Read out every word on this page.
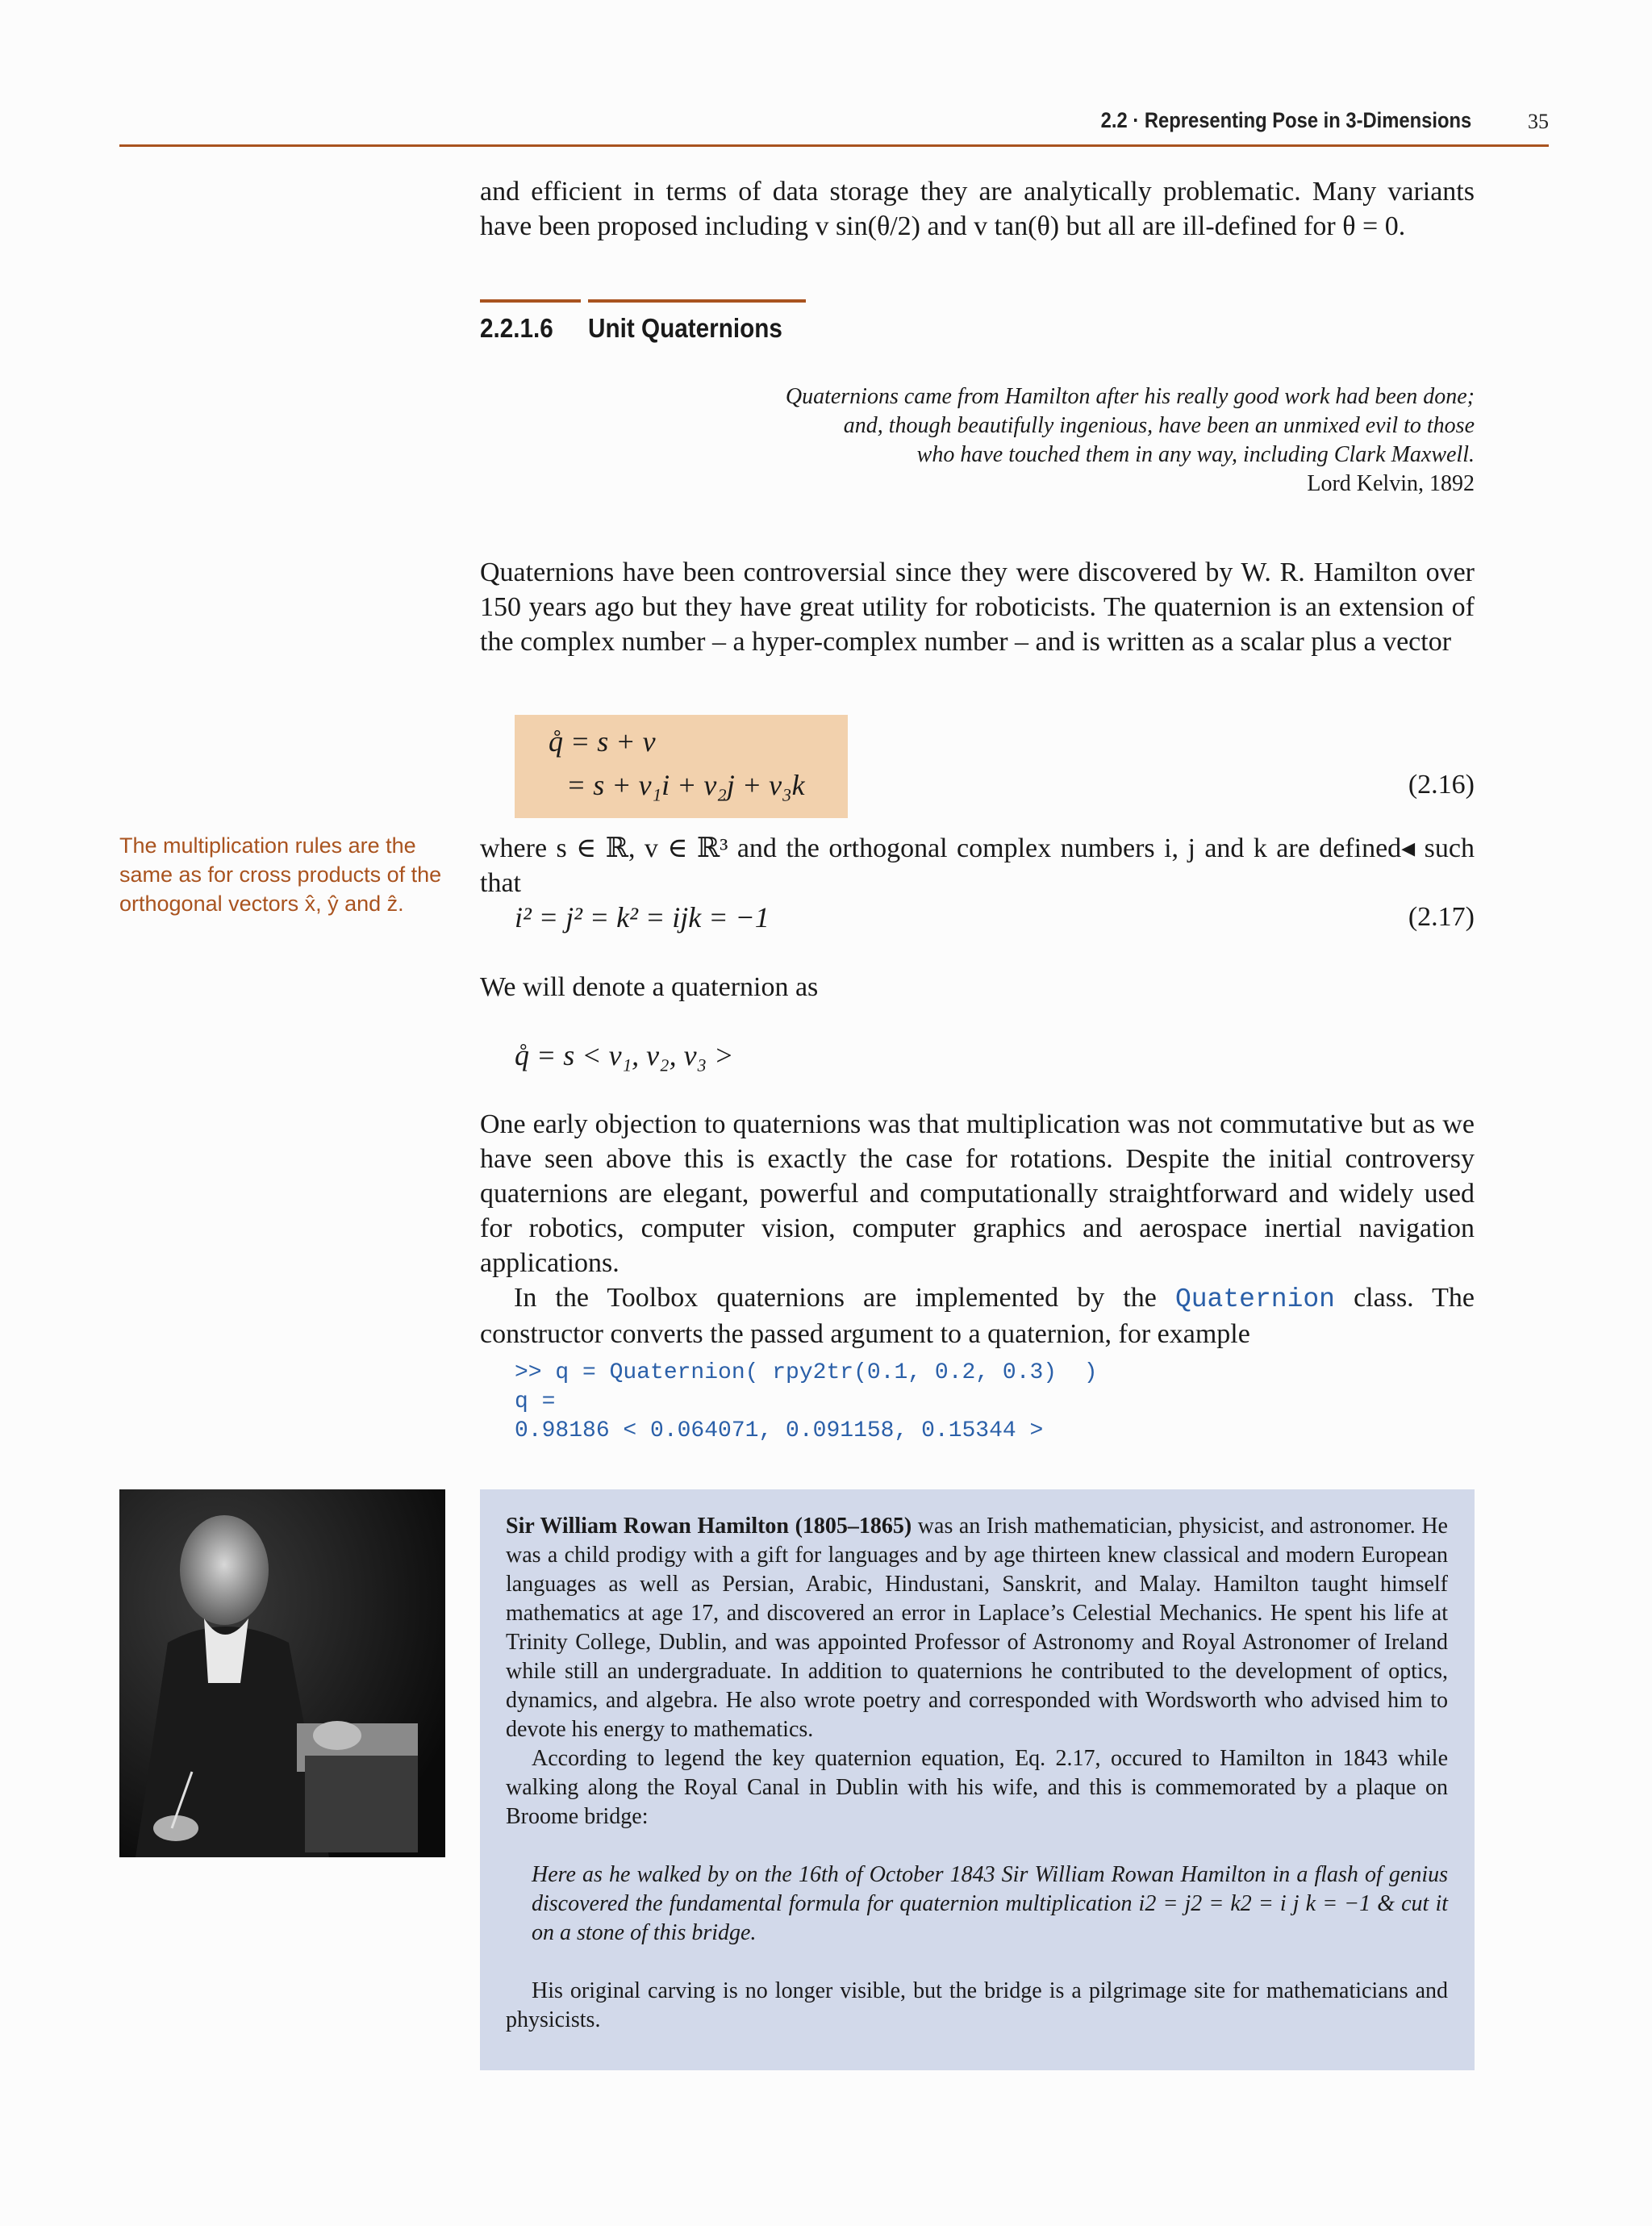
2.2 · Representing Pose in 3-Dimensions	35

and efficient in terms of data storage they are analytically problematic. Many variants have been proposed including v sin(θ/2) and v tan(θ) but all are ill-defined for θ = 0.

2.2.1.6 Unit Quaternions
Quaternions came from Hamilton after his really good work had been done;
and, though beautifully ingenious, have been an unmixed evil to those
who have touched them in any way, including Clark Maxwell.
Lord Kelvin, 1892

Quaternions have been controversial since they were discovered by W. R. Hamilton over 150 years ago but they have great utility for roboticists. The quaternion is an extension of the complex number – a hyper-complex number – and is written as a scalar plus a vector

q̊ = s + v
= s + v₁i + v₂j + v₃k	(2.16)
The multiplication rules are the same as for cross products of the orthogonal vectors x̂, ŷ and ẑ.

where s ∈ ℝ, v ∈ ℝ³ and the orthogonal complex numbers i, j and k are defined◂ such that

i² = j² = k² = ijk = −1	(2.17)

We will denote a quaternion as

q̊ = s < v₁, v₂, v₃ >

One early objection to quaternions was that multiplication was not commutative but as we have seen above this is exactly the case for rotations. Despite the initial controversy quaternions are elegant, powerful and computationally straightforward and widely used for robotics, computer vision, computer graphics and aerospace inertial navigation applications.

In the Toolbox quaternions are implemented by the Quaternion class. The constructor converts the passed argument to a quaternion, for example

>> q = Quaternion( rpy2tr(0.1, 0.2, 0.3)  )
q =
0.98186 < 0.064071, 0.091158, 0.15344 >

Sir William Rowan Hamilton (1805–1865) was an Irish mathematician, physicist, and astronomer. He was a child prodigy with a gift for languages and by age thirteen knew classical and modern European languages as well as Persian, Arabic, Hindustani, Sanskrit, and Malay. Hamilton taught himself mathematics at age 17, and discovered an error in Laplace’s Celestial Mechanics. He spent his life at Trinity College, Dublin, and was appointed Professor of Astronomy and Royal Astronomer of Ireland while still an undergraduate. In addition to quaternions he contributed to the development of optics, dynamics, and algebra. He also wrote poetry and corresponded with Wordsworth who advised him to devote his energy to mathematics.

According to legend the key quaternion equation, Eq. 2.17, occured to Hamilton in 1843 while walking along the Royal Canal in Dublin with his wife, and this is commemorated by a plaque on Broome bridge:

Here as he walked by on the 16th of October 1843 Sir William Rowan Hamilton in a flash of genius discovered the fundamental formula for quaternion multiplication i2 = j2 = k2 = i j k = −1 & cut it on a stone of this bridge.

His original carving is no longer visible, but the bridge is a pilgrimage site for mathematicians and physicists.
